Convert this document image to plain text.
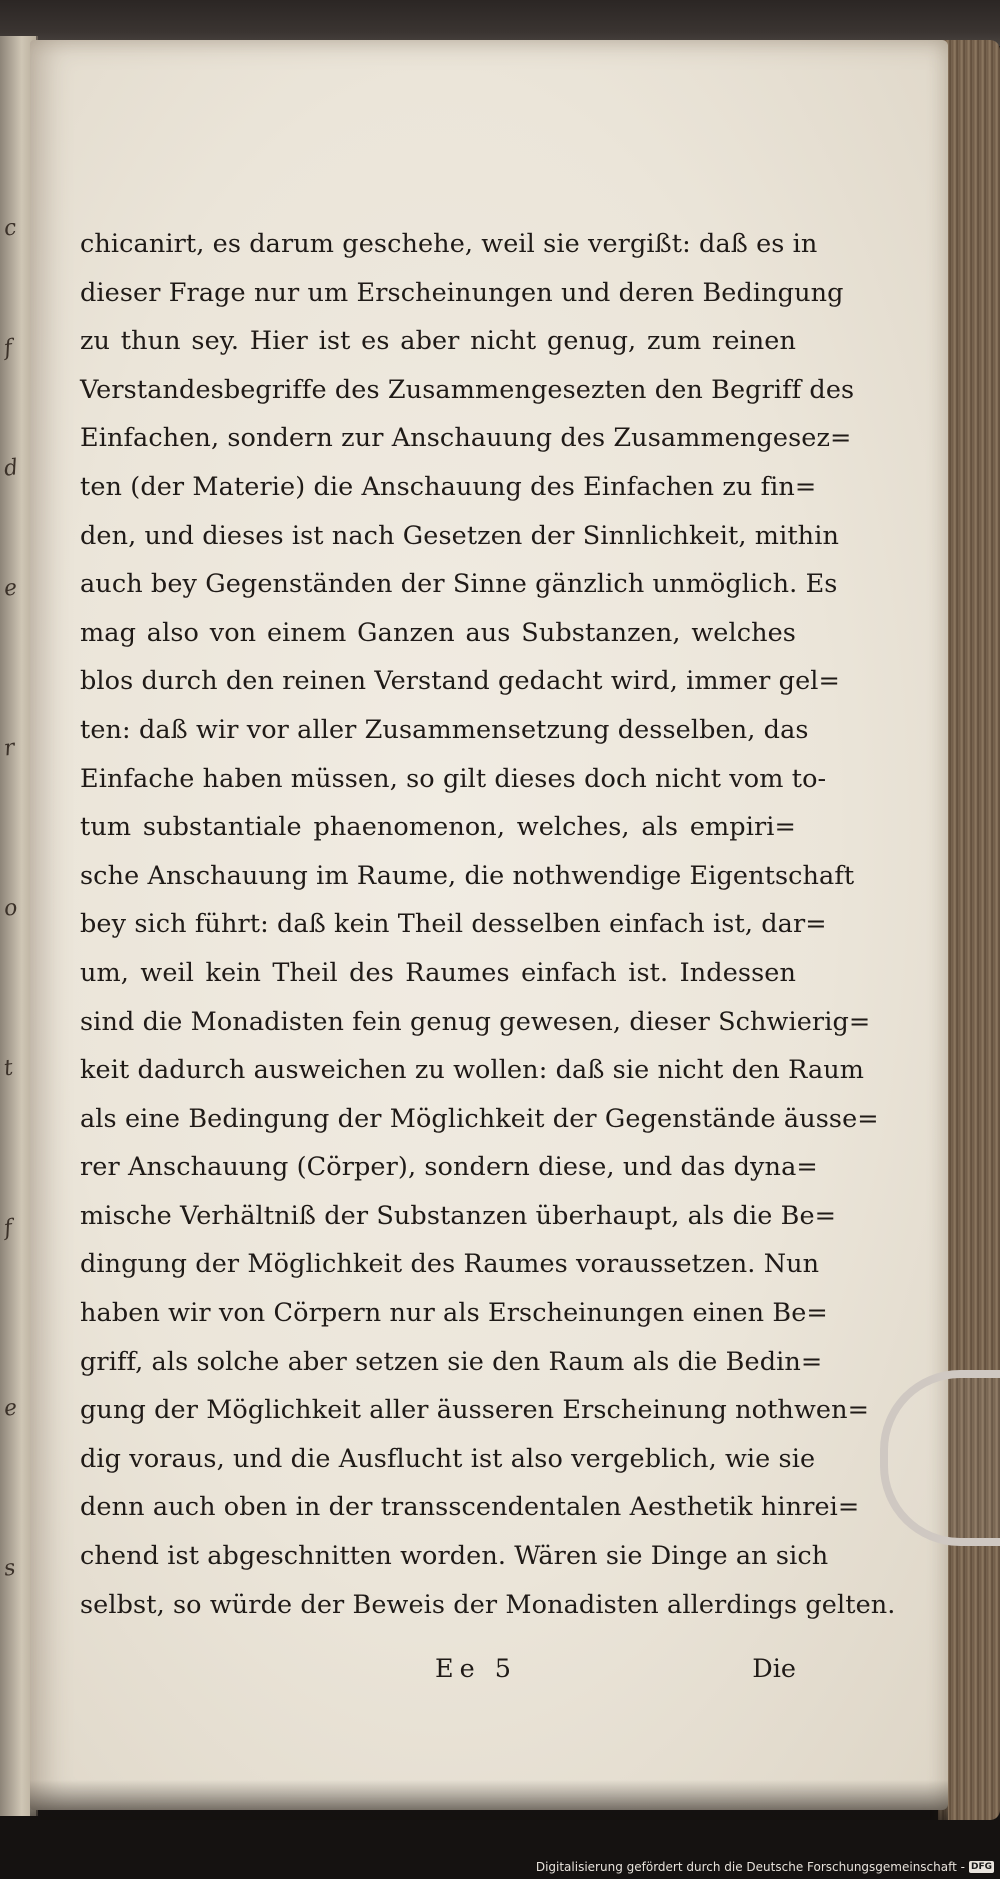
c
f
d
e
r
o
t
f
e
s
chicanirt, es darum geschehe, weil sie vergißt: daß es in
dieser Frage nur um Erscheinungen und deren Bedingung
zu thun sey. Hier ist es aber nicht genug, zum reinen
Verstandesbegriffe des Zusammengesezten den Begriff des
Einfachen, sondern zur Anschauung des Zusammengesez=
ten (der Materie) die Anschauung des Einfachen zu fin=
den, und dieses ist nach Gesetzen der Sinnlichkeit, mithin
auch bey Gegenständen der Sinne gänzlich unmöglich. Es
mag also von einem Ganzen aus Substanzen, welches
blos durch den reinen Verstand gedacht wird, immer gel=
ten: daß wir vor aller Zusammensetzung desselben, das
Einfache haben müssen, so gilt dieses doch nicht vom to-
tum substantiale phaenomenon, welches, als empiri=
sche Anschauung im Raume, die nothwendige Eigentschaft
bey sich führt: daß kein Theil desselben einfach ist, dar=
um, weil kein Theil des Raumes einfach ist. Indessen
sind die Monadisten fein genug gewesen, dieser Schwierig=
keit dadurch ausweichen zu wollen: daß sie nicht den Raum
als eine Bedingung der Möglichkeit der Gegenstände äusse=
rer Anschauung (Cörper), sondern diese, und das dyna=
mische Verhältniß der Substanzen überhaupt, als die Be=
dingung der Möglichkeit des Raumes voraussetzen. Nun
haben wir von Cörpern nur als Erscheinungen einen Be=
griff, als solche aber setzen sie den Raum als die Bedin=
gung der Möglichkeit aller äusseren Erscheinung nothwen=
dig voraus, und die Ausflucht ist also vergeblich, wie sie
denn auch oben in der transscendentalen Aesthetik hinrei=
chend ist abgeschnitten worden. Wären sie Dinge an sich
selbst, so würde der Beweis der Monadisten allerdings gelten.
Ee 5	Die
Digitalisierung gefördert durch die Deutsche Forschungsgemeinschaft - DFG
